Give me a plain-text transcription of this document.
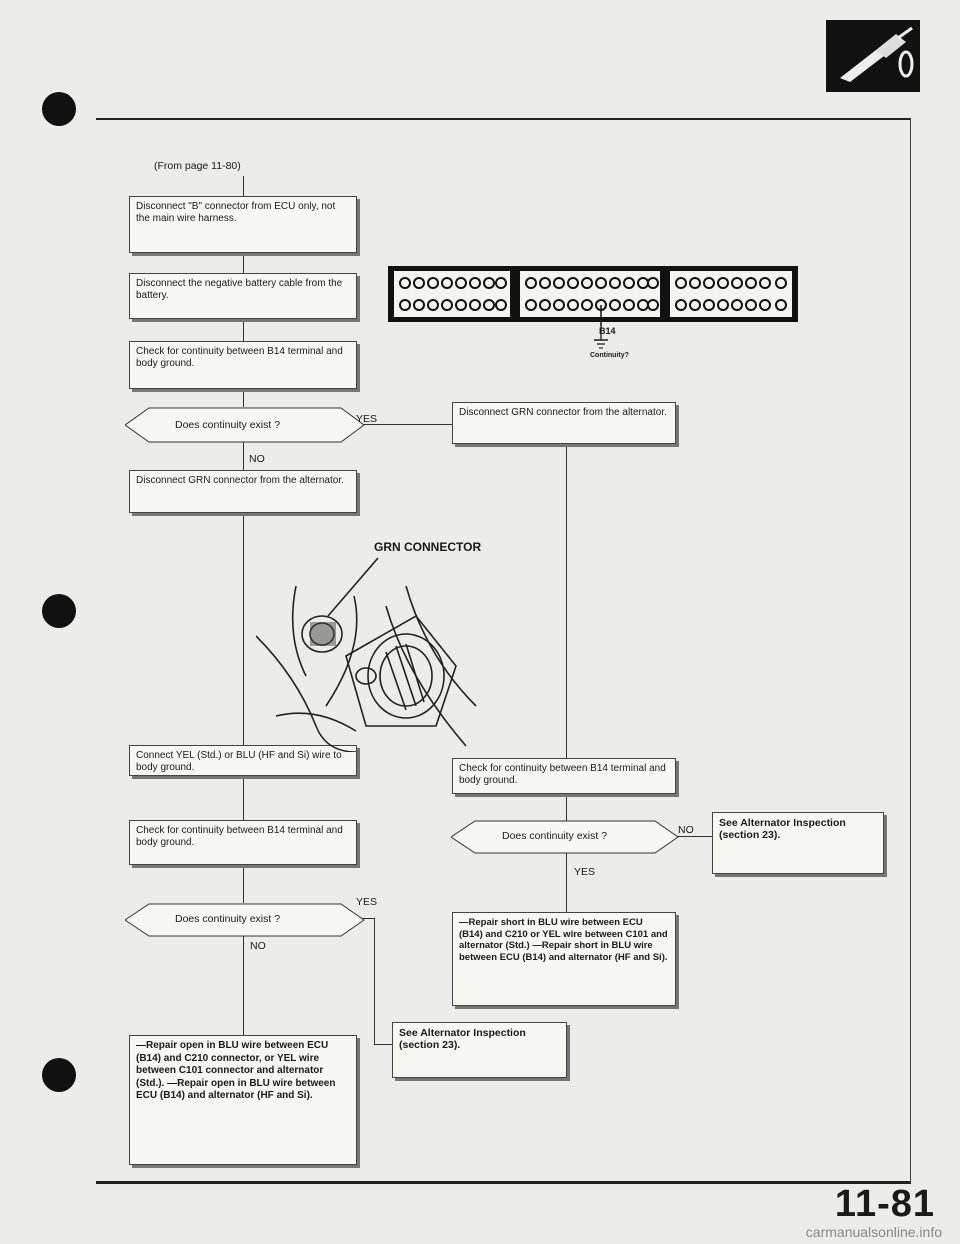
(From page 11-80)
Disconnect "B" connector from ECU only, not the main wire harness.
Disconnect the negative battery cable from the battery.
Check for continuity between B14 terminal and body ground.
Disconnect GRN connector from the alternator.
Disconnect GRN connector from the alternator.
Connect YEL (Std.) or BLU (HF and Si) wire to body ground.	Check for continuity between B14 terminal and body ground.
Check for continuity between B14 terminal and body ground.
See Alternator Inspection (section 23).
—Repair short in BLU wire between ECU (B14) and C210 or YEL wire between C101 and alternator (Std.) —Repair short in BLU wire between ECU (B14) and alternator (HF and Si).
—Repair open in BLU wire between ECU (B14) and C210 connector, or YEL wire between C101 connector and alternator (Std.). —Repair open in BLU wire between ECU (B14) and alternator (HF and Si).
See Alternator Inspection (section 23).
Does continuity exist ?
Does continuity exist ?
Does continuity exist ?
YES
NO
NO
YES
YES
NO
B14
Continuity?
GRN CONNECTOR
11-81
carmanualsonline.info
